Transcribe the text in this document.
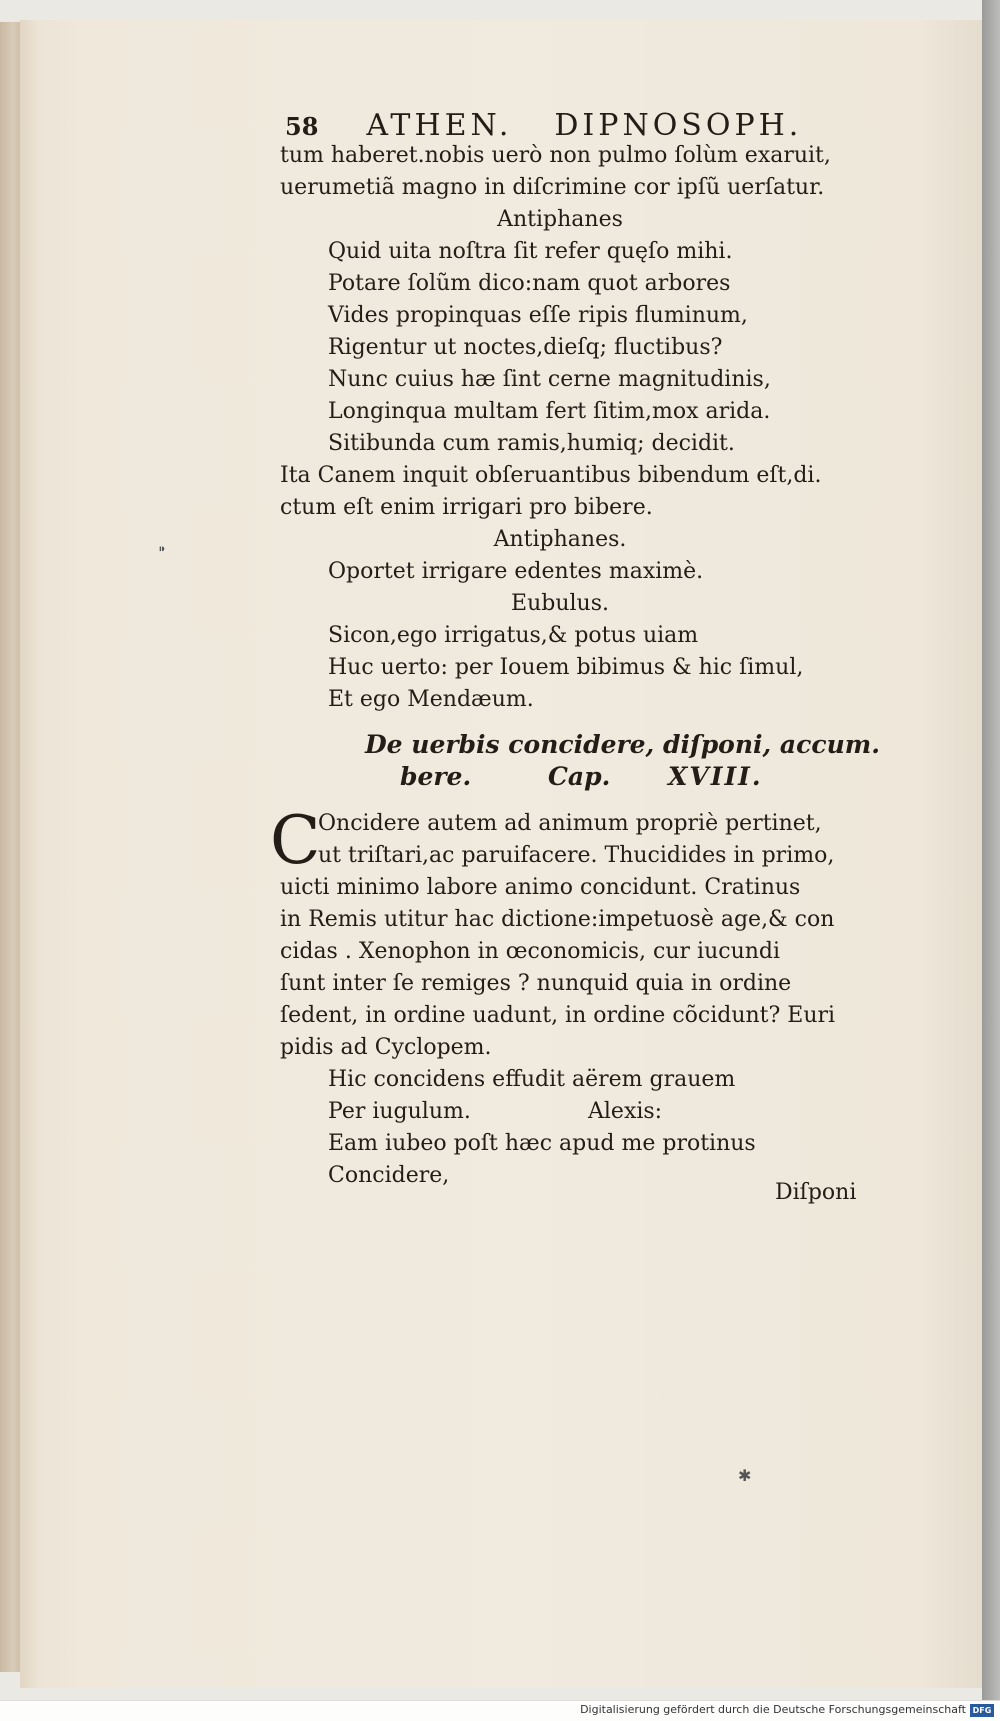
58 ATHEN. DIPNOSOPH.
tum haberet.nobis uerò non pulmo ſolùm exaruit,
uerumetiã magno in diſcrimine cor ipſũ uerſatur.
Antiphanes
Quid uita noſtra ſit refer quęſo mihi.
Potare ſolũm dico:nam quot arbores
Vides propinquas eſſe ripis fluminum,
Rigentur ut noctes,dieſq; fluctibus?
Nunc cuius hæ ſint cerne magnitudinis,
Longinqua multam fert ſitim,mox arida.
Sitibunda cum ramis,humiq; decidit.
Ita Canem inquit obſeruantibus bibendum eſt,di.
ctum eſt enim irrigari pro bibere.
Antiphanes.
Oportet irrigare edentes maximè.
Eubulus.
Sicon,ego irrigatus,& potus uiam
Huc uerto: per Iouem bibimus & hic ſimul,
Et ego Mendæum.
De uerbis concidere, diſponi, accum.
bere.	Cap. XVIII.
C
Oncidere autem ad animum propriè pertinet,
ut triſtari,ac paruifacere. Thucidides in primo,
uicti minimo labore animo concidunt. Cratinus
in Remis utitur hac dictione:impetuosè age,& con
cidas . Xenophon in œconomicis, cur iucundi
ſunt inter ſe remiges ? nunquid quia in ordine
ſedent, in ordine uadunt, in ordine cõcidunt? Euri
pidis ad Cyclopem.
Hic concidens effudit aërem grauem
Per iugulum.	Alexis:
Eam iubeo poſt hæc apud me protinus
Concidere,
Diſponi
⁍
✱
Digitalisierung gefördert durch die Deutsche Forschungsgemeinschaft DFG
